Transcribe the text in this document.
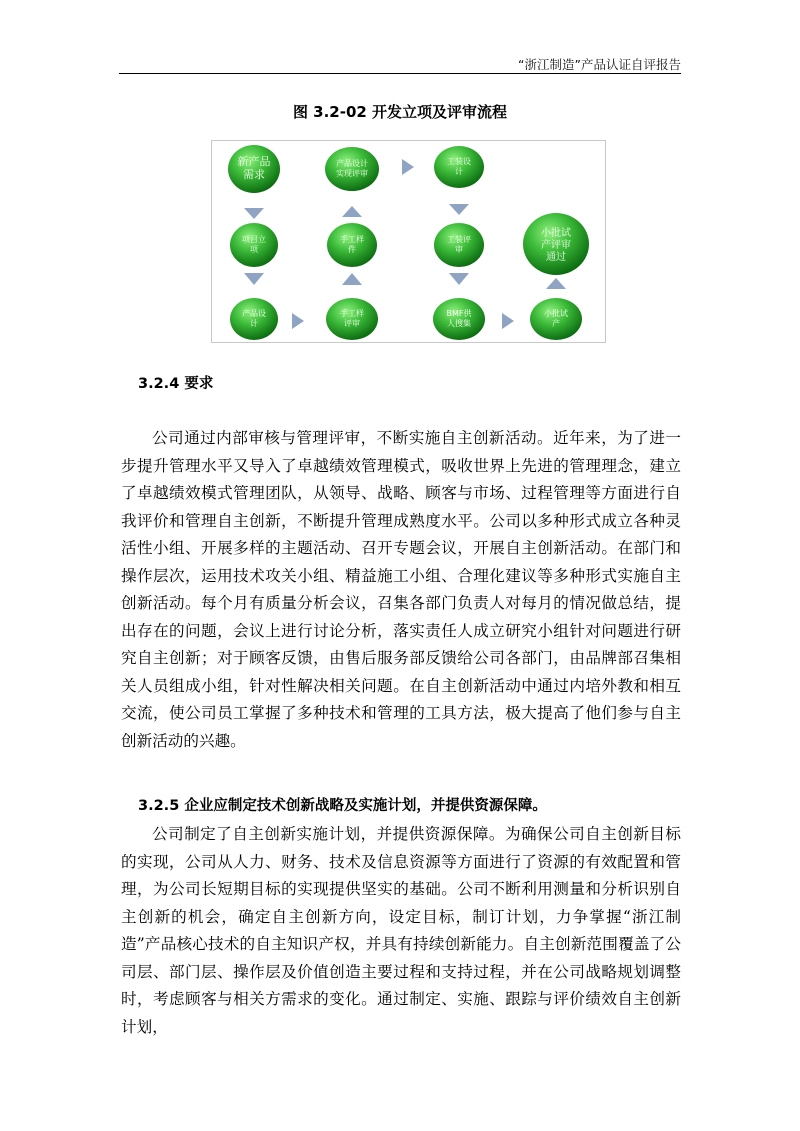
“浙江制造”产品认证自评报告
图 3.2-02 开发立项及评审流程
新产品
需求
产品设计
实现评审
工装设
计
项目立
项
手工样
件
工装评
审
小批试
产评审
通过
产品设
计
手工样
评审
BMF供
人搜集
小批试
产
3.2.4 要求
公司通过内部审核与管理评审，不断实施自主创新活动。近年来，为了进一步提升管理水平又导入了卓越绩效管理模式，吸收世界上先进的管理理念，建立了卓越绩效模式管理团队，从领导、战略、顾客与市场、过程管理等方面进行自我评价和管理自主创新，不断提升管理成熟度水平。公司以多种形式成立各种灵活性小组、开展多样的主题活动、召开专题会议，开展自主创新活动。在部门和操作层次，运用技术攻关小组、精益施工小组、合理化建议等多种形式实施自主创新活动。每个月有质量分析会议，召集各部门负责人对每月的情况做总结，提出存在的问题，会议上进行讨论分析，落实责任人成立研究小组针对问题进行研究自主创新；对于顾客反馈，由售后服务部反馈给公司各部门，由品牌部召集相关人员组成小组，针对性解决相关问题。在自主创新活动中通过内培外教和相互交流，使公司员工掌握了多种技术和管理的工具方法，极大提高了他们参与自主创新活动的兴趣。
3.2.5 企业应制定技术创新战略及实施计划，并提供资源保障。
公司制定了自主创新实施计划，并提供资源保障。为确保公司自主创新目标的实现，公司从人力、财务、技术及信息资源等方面进行了资源的有效配置和管理，为公司长短期目标的实现提供坚实的基础。公司不断利用测量和分析识别自主创新的机会，确定自主创新方向，设定目标，制订计划，力争掌握“浙江制造”产品核心技术的自主知识产权，并具有持续创新能力。自主创新范围覆盖了公司层、部门层、操作层及价值创造主要过程和支持过程，并在公司战略规划调整时，考虑顾客与相关方需求的变化。通过制定、实施、跟踪与评价绩效自主创新计划，
